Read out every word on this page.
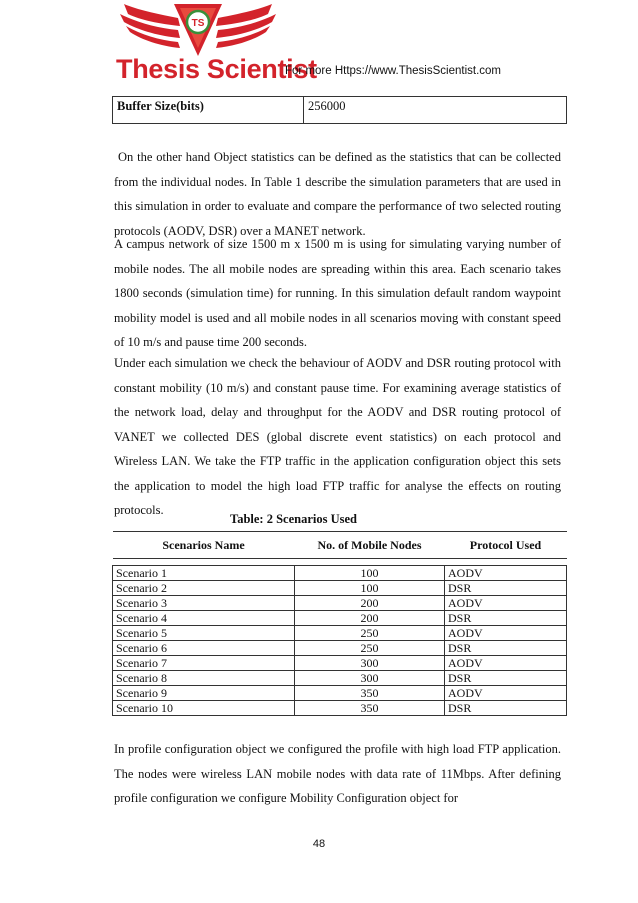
TS
Thesis Scientist
For more Https://www.ThesisScientist.com
Buffer Size(bits)	256000

On the other hand Object statistics can be defined as the statistics that can be collected from the individual nodes. In Table 1 describe the simulation parameters that are used in this simulation in order to evaluate and compare the performance of two selected routing protocols (AODV, DSR) over a MANET network.

A campus network of size 1500 m x 1500 m is using for simulating varying number of mobile nodes. The all mobile nodes are spreading within this area. Each scenario takes 1800 seconds (simulation time) for running. In this simulation default random waypoint mobility model is used and all mobile nodes in all scenarios moving with constant speed of 10 m/s and pause time 200 seconds.

Under each simulation we check the behaviour of AODV and DSR routing protocol with constant mobility (10 m/s) and constant pause time. For examining average statistics of the network load, delay and throughput for the AODV and DSR routing protocol of VANET we collected DES (global discrete event statistics) on each protocol and Wireless LAN. We take the FTP traffic in the application configuration object this sets the application to model the high load FTP traffic for analyse the effects on routing protocols.

Table: 2 Scenarios Used
Scenarios Name	No. of Mobile Nodes	Protocol Used

Scenario 1	100	AODV
Scenario 2	100	DSR
Scenario 3	200	AODV
Scenario 4	200	DSR
Scenario 5	250	AODV
Scenario 6	250	DSR
Scenario 7	300	AODV
Scenario 8	300	DSR
Scenario 9	350	AODV
Scenario 10	350	DSR

In profile configuration object we configured the profile with high load FTP application. The nodes were wireless LAN mobile nodes with data rate of 11Mbps. After defining profile configuration we configure Mobility Configuration object for

48
